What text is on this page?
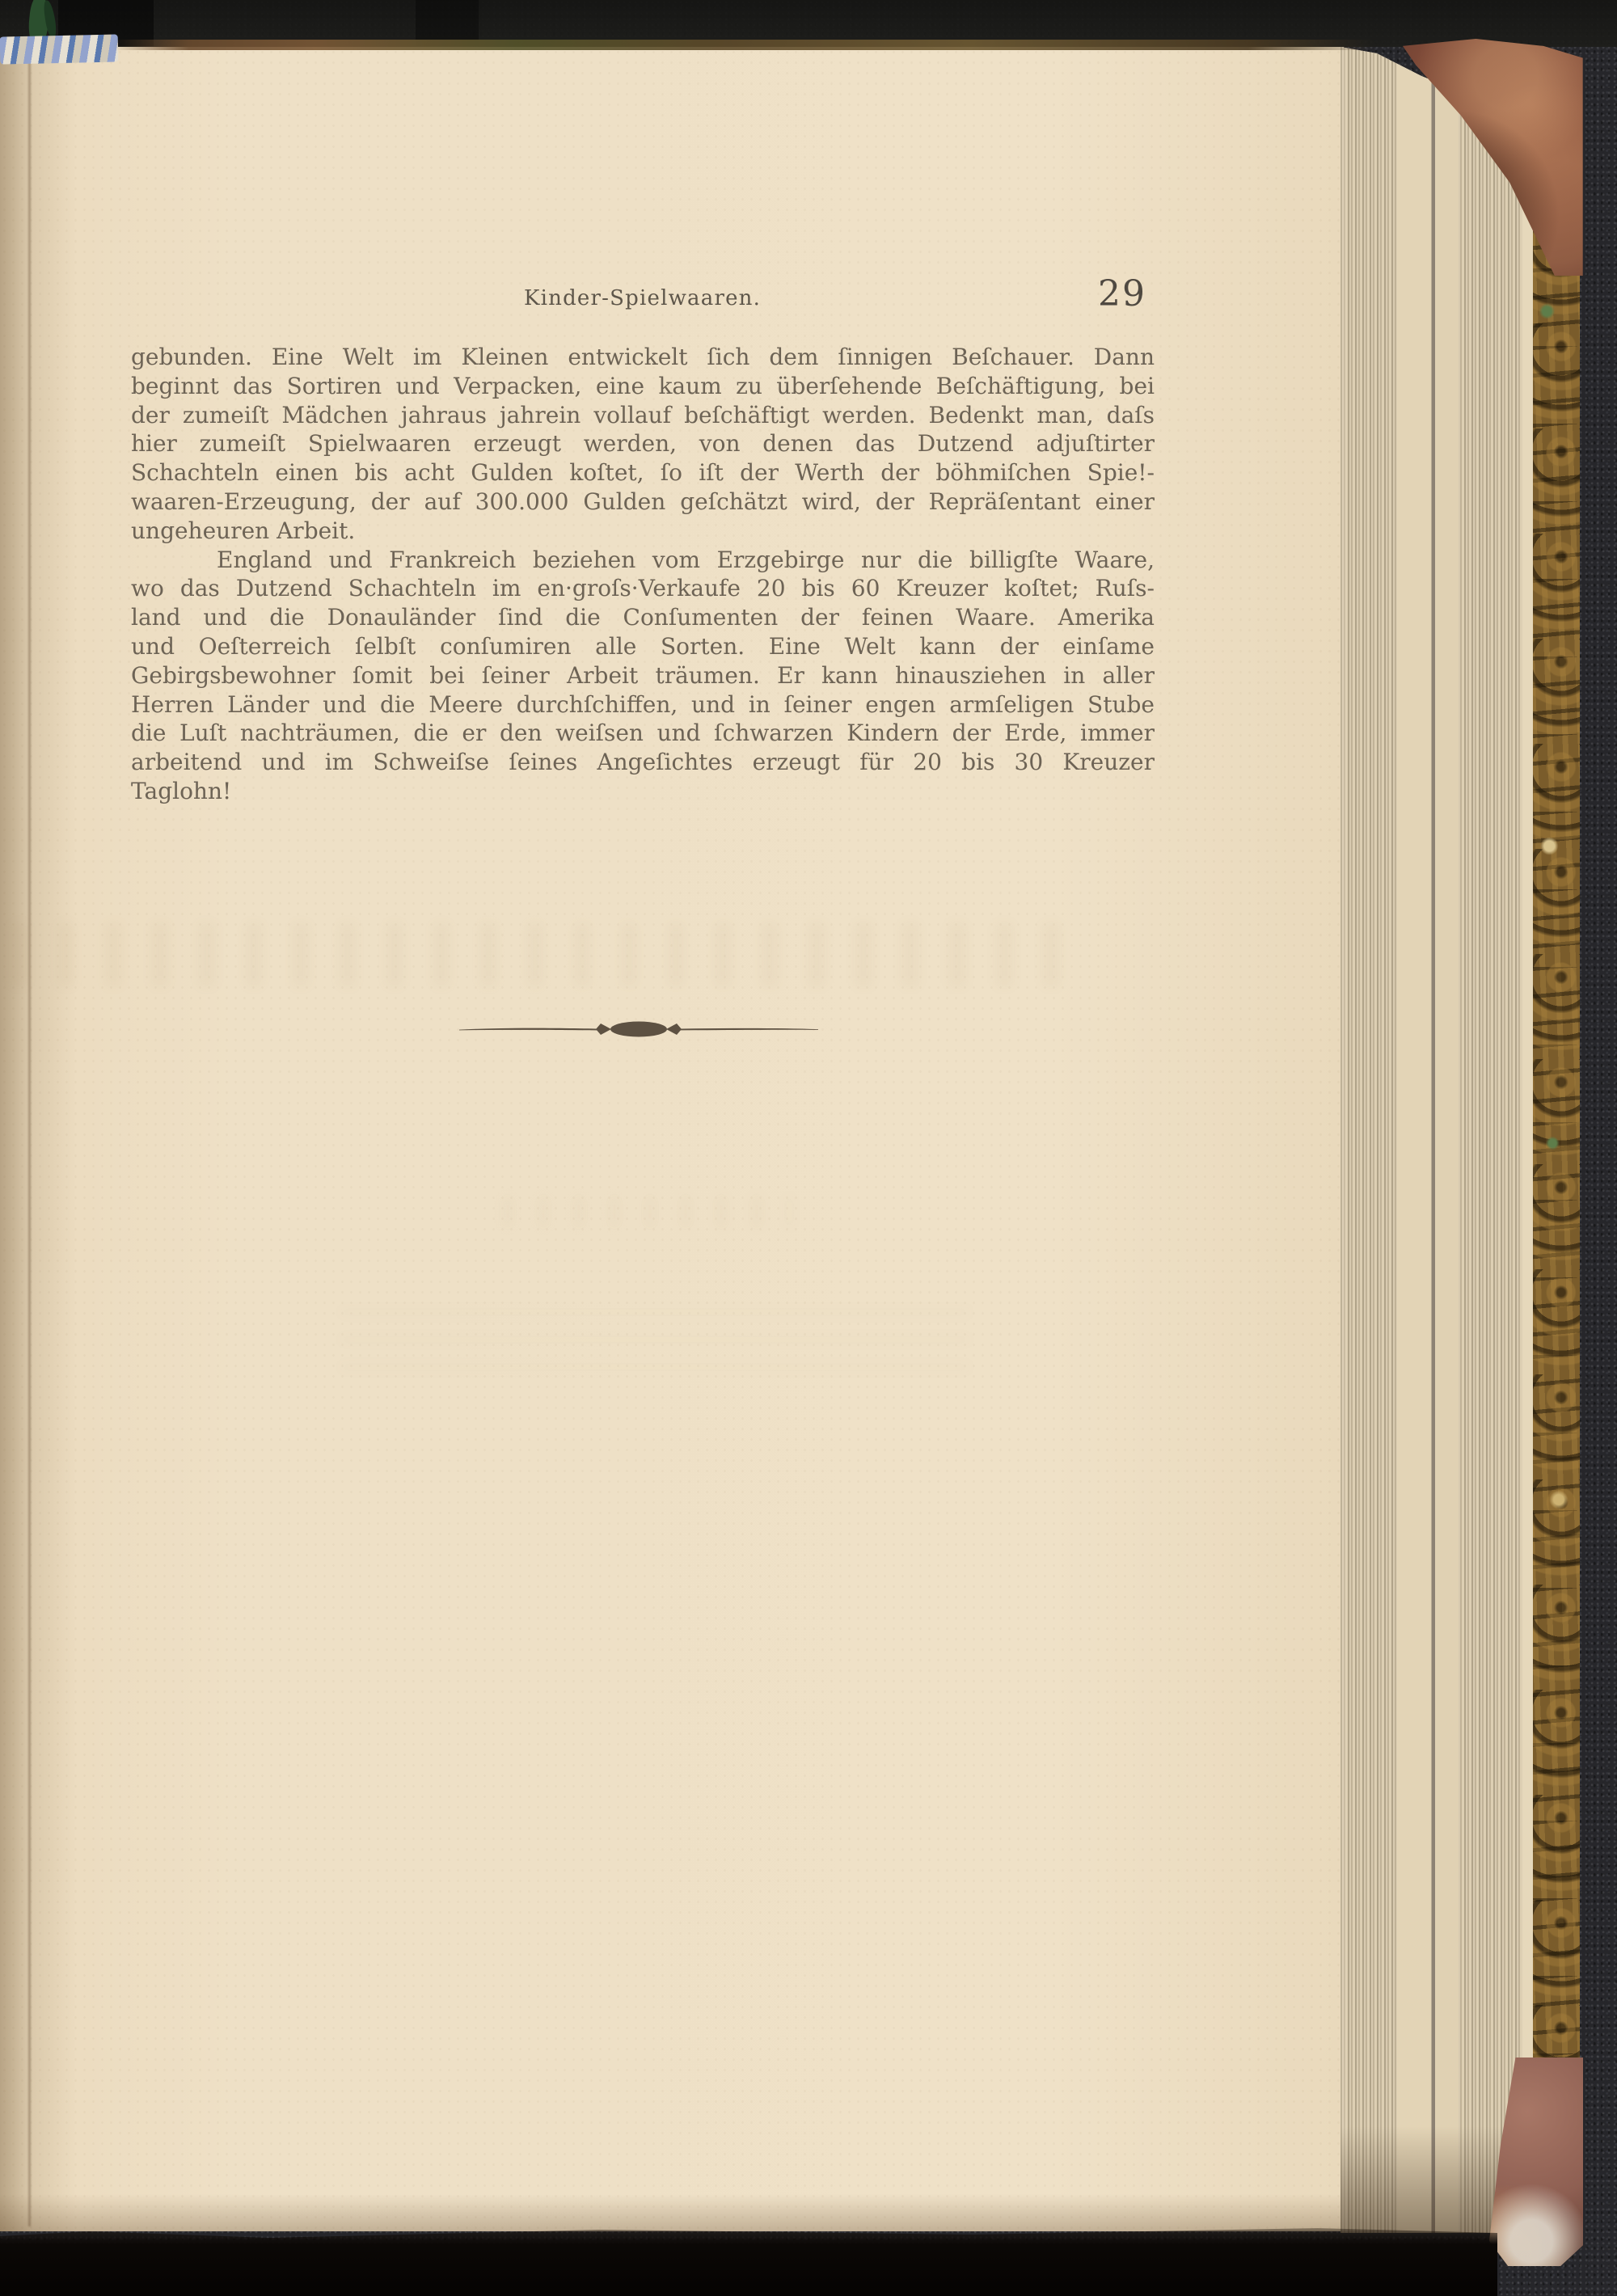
Kinder-Spielwaaren.	29
gebunden. Eine Welt im Kleinen entwickelt ſich dem ſinnigen Beſchauer. Dann
beginnt das Sortiren und Verpacken, eine kaum zu überſehende Beſchäftigung, bei
der zumeiſt Mädchen jahraus jahrein vollauf beſchäftigt werden. Bedenkt man, daſs
hier zumeiſt Spielwaaren erzeugt werden, von denen das Dutzend adjuſtirter
Schachteln einen bis acht Gulden koſtet, ſo iſt der Werth der böhmiſchen Spie!-
waaren-Erzeugung, der auf 300.000 Gulden geſchätzt wird, der Repräſentant einer
ungeheuren Arbeit.
England und Frankreich beziehen vom Erzgebirge nur die billigſte Waare,
wo das Dutzend Schachteln im en·groſs·Verkaufe 20 bis 60 Kreuzer koſtet; Ruſs-
land und die Donauländer ſind die Conſumenten der feinen Waare. Amerika
und Oeſterreich ſelbſt conſumiren alle Sorten. Eine Welt kann der einſame
Gebirgsbewohner ſomit bei ſeiner Arbeit träumen. Er kann hinausziehen in aller
Herren Länder und die Meere durchſchiffen, und in ſeiner engen armſeligen Stube
die Luſt nachträumen, die er den weiſsen und ſchwarzen Kindern der Erde, immer
arbeitend und im Schweiſse ſeines Angeſichtes erzeugt für 20 bis 30 Kreuzer
Taglohn!
